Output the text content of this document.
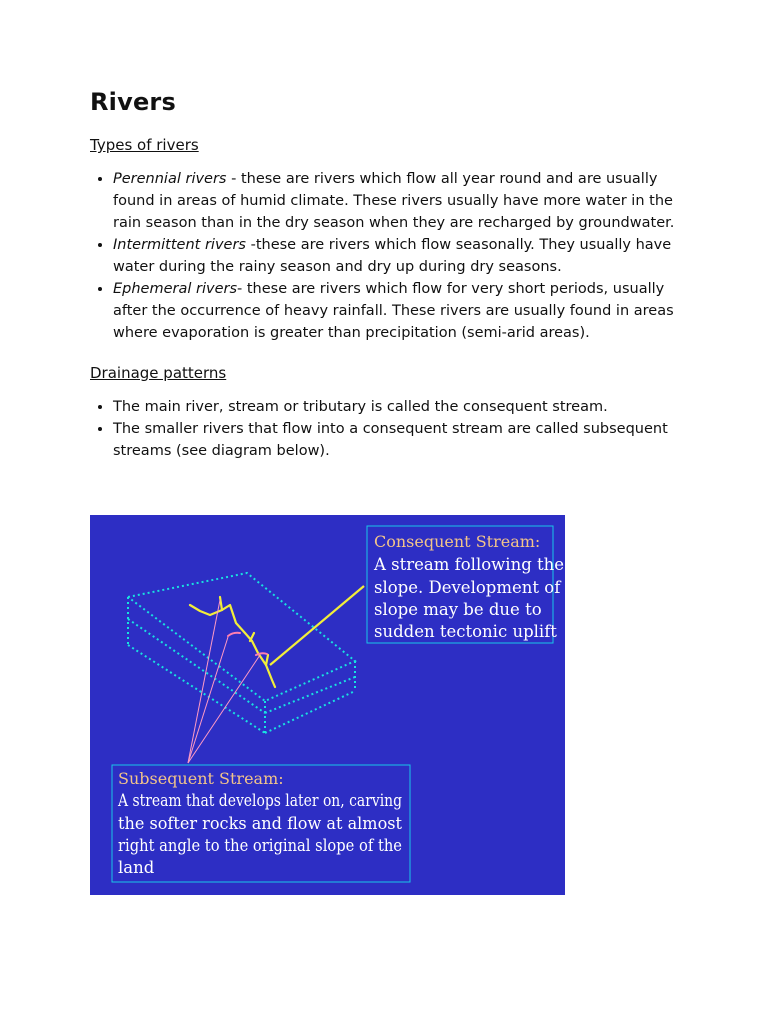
Rivers
Types of rivers
• Perennial rivers - these are rivers which flow all year round and are usually found in areas of humid climate. These rivers usually have more water in the rain season than in the dry season when they are recharged by groundwater.
• Intermittent rivers -these are rivers which flow seasonally. They usually have water during the rainy season and dry up during dry seasons.
• Ephemeral rivers- these are rivers which flow for very short periods, usually after the occurrence of heavy rainfall. These rivers are usually found in areas where evaporation is greater than precipitation (semi-arid areas).
Drainage patterns
• The main river, stream or tributary is called the consequent stream.
• The smaller rivers that flow into a consequent stream are called subsequent streams (see diagram below).
Consequent Stream:
A stream following the
slope. Development of
slope may be due to
sudden tectonic uplift
Subsequent Stream:
A stream that develops later on, carving
the softer rocks and flow at almost
right angle to the original slope of the
land
